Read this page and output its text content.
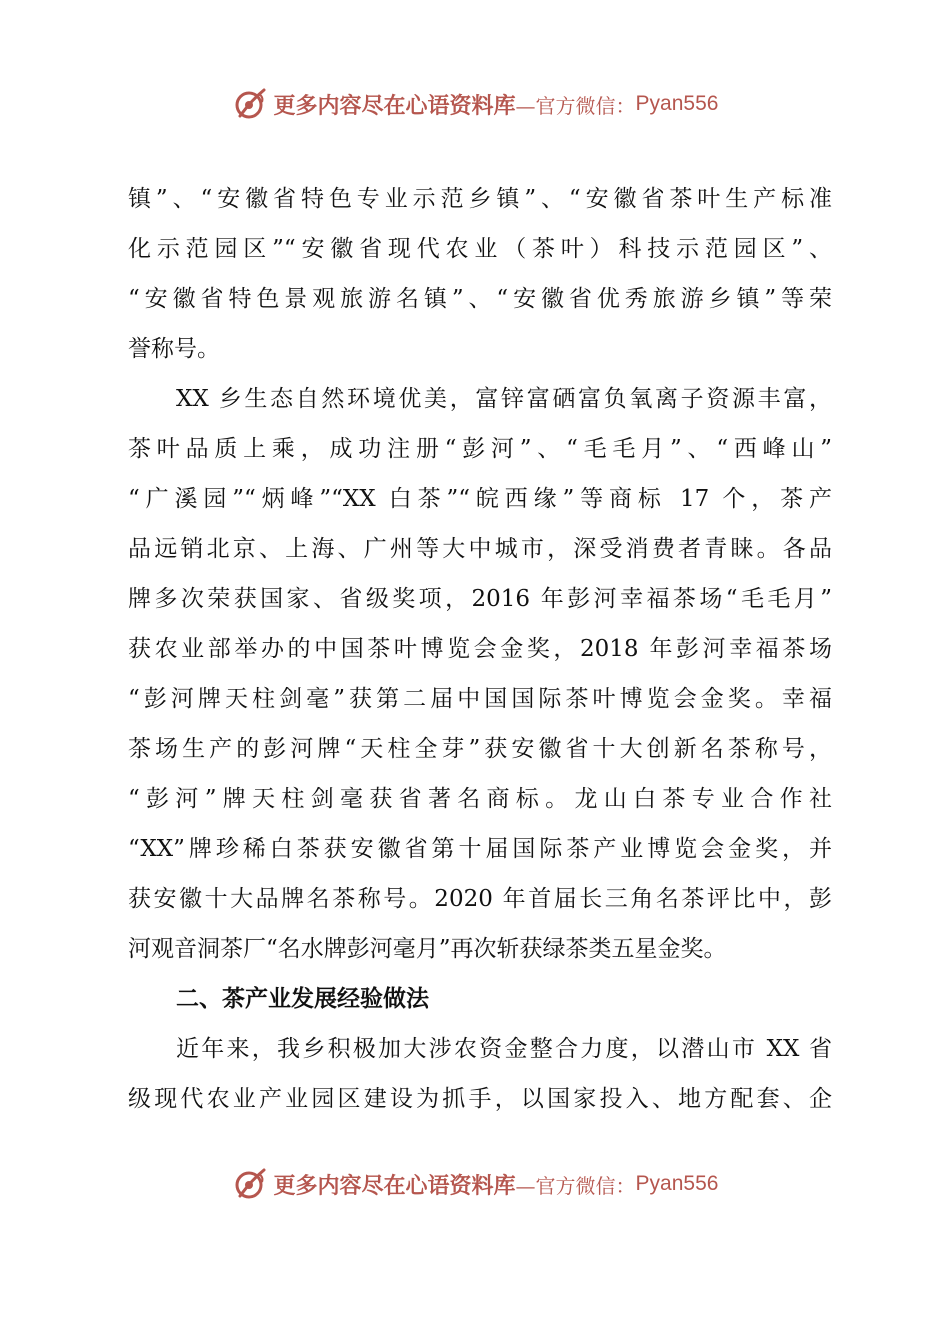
更多内容尽在心语资料库 —官方微信： Pyan556
镇”、“安徽省特色专业示范乡镇”、“安徽省茶叶生产标准
化示范园区”“安徽省现代农业（茶叶）科技示范园区”、
“安徽省特色景观旅游名镇”、“安徽省优秀旅游乡镇”等荣
誉称号。
XX 乡生态自然环境优美，富锌富硒富负氧离子资源丰富，
茶叶品质上乘，成功注册“彭河”、“毛毛月”、“西峰山”
“广溪园”“炳峰”“XX 白茶”“皖西缘”等商标 17 个，茶产
品远销北京、上海、广州等大中城市，深受消费者青睐。各品
牌多次荣获国家、省级奖项，2016 年彭河幸福茶场“毛毛月”
获农业部举办的中国茶叶博览会金奖，2018 年彭河幸福茶场
“彭河牌天柱剑毫”获第二届中国国际茶叶博览会金奖。幸福
茶场生产的彭河牌“天柱全芽”获安徽省十大创新名茶称号，
“彭河”牌天柱剑毫获省著名商标。龙山白茶专业合作社
“XX”牌珍稀白茶获安徽省第十届国际茶产业博览会金奖，并
获安徽十大品牌名茶称号。2020 年首届长三角名茶评比中，彭
河观音洞茶厂“名水牌彭河毫月”再次斩获绿茶类五星金奖。
二、茶产业发展经验做法
近年来，我乡积极加大涉农资金整合力度，以潜山市 XX 省
级现代农业产业园区建设为抓手，以国家投入、地方配套、企
更多内容尽在心语资料库 —官方微信： Pyan556
